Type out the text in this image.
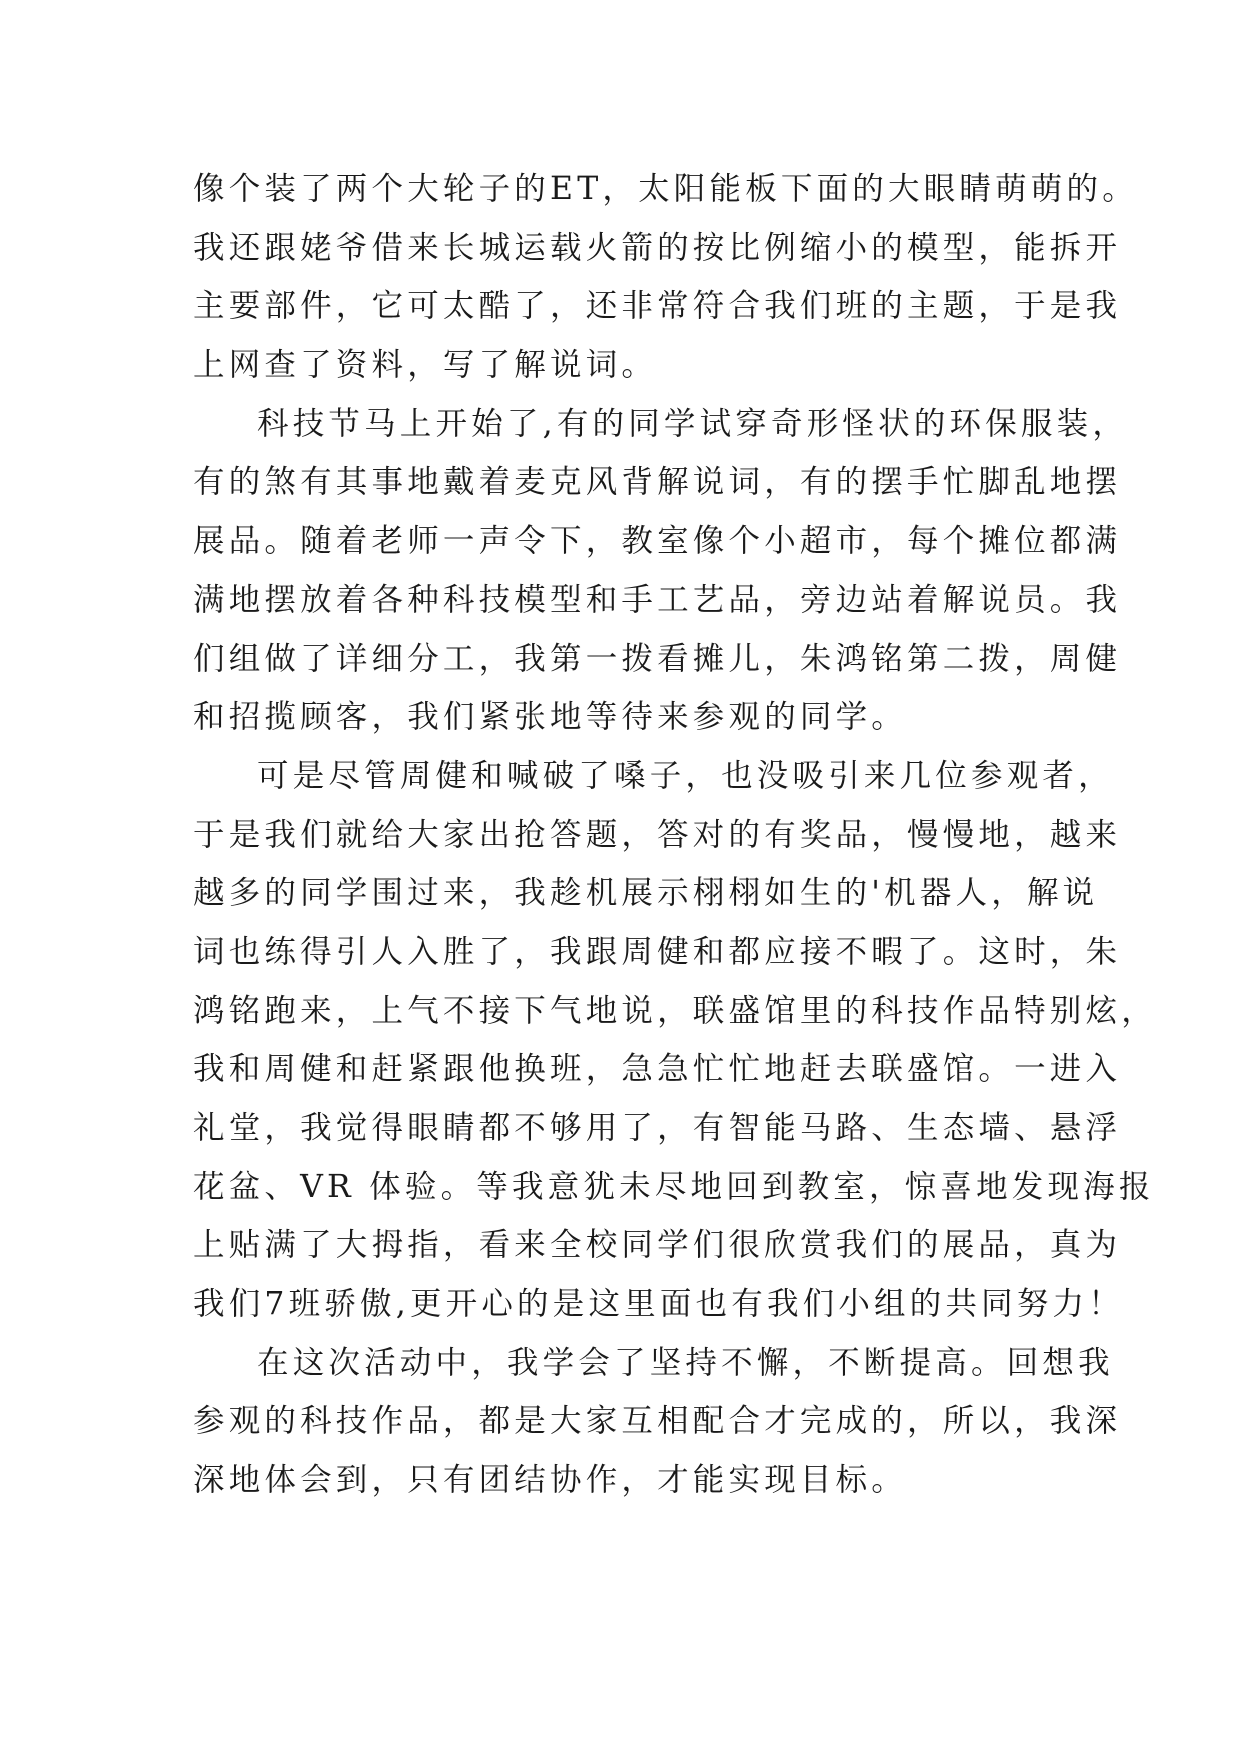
像个装了两个大轮子的ET，太阳能板下面的大眼睛萌萌的。
我还跟姥爷借来长城运载火箭的按比例缩小的模型，能拆开
主要部件，它可太酷了，还非常符合我们班的主题，于是我
上网查了资料，写了解说词。
科技节马上开始了,有的同学试穿奇形怪状的环保服装，
有的煞有其事地戴着麦克风背解说词，有的摆手忙脚乱地摆
展品。随着老师一声令下，教室像个小超市，每个摊位都满
满地摆放着各种科技模型和手工艺品，旁边站着解说员。我
们组做了详细分工，我第一拨看摊儿，朱鸿铭第二拨，周健
和招揽顾客，我们紧张地等待来参观的同学。
可是尽管周健和喊破了嗓子，也没吸引来几位参观者，
于是我们就给大家出抢答题，答对的有奖品，慢慢地，越来
越多的同学围过来，我趁机展示栩栩如生的'机器人，解说
词也练得引人入胜了，我跟周健和都应接不暇了。这时，朱
鸿铭跑来，上气不接下气地说，联盛馆里的科技作品特别炫，
我和周健和赶紧跟他换班，急急忙忙地赶去联盛馆。一进入
礼堂，我觉得眼睛都不够用了，有智能马路、生态墙、悬浮
花盆、VR 体验。等我意犹未尽地回到教室，惊喜地发现海报
上贴满了大拇指，看来全校同学们很欣赏我们的展品，真为
我们7班骄傲,更开心的是这里面也有我们小组的共同努力！
在这次活动中，我学会了坚持不懈，不断提高。回想我
参观的科技作品，都是大家互相配合才完成的，所以，我深
深地体会到，只有团结协作，才能实现目标。
